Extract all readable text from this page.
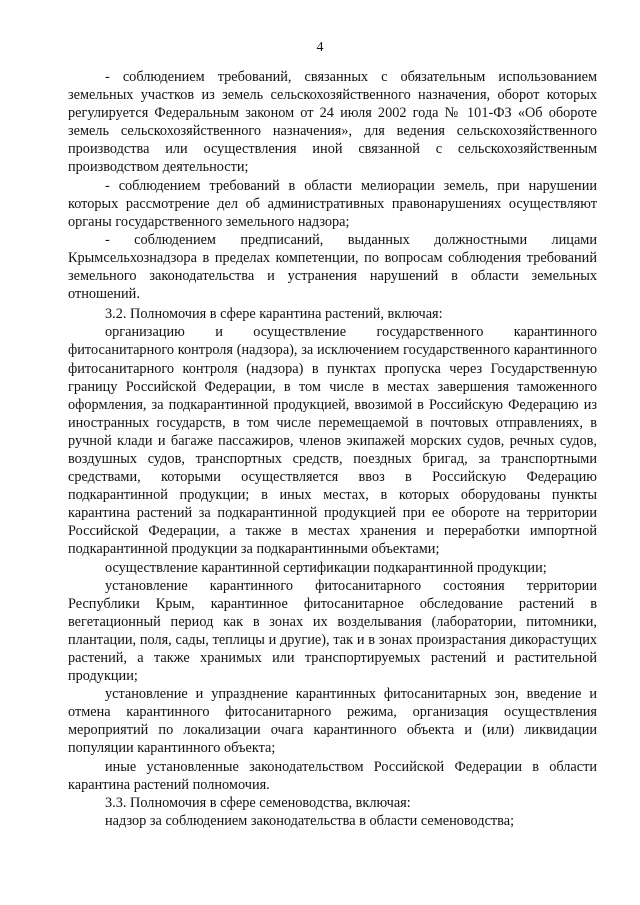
4

- соблюдением требований, связанных с обязательным использованием земельных участков из земель сельскохозяйственного назначения, оборот которых регулируется Федеральным законом от 24 июля 2002 года № 101-ФЗ «Об обороте земель сельскохозяйственного назначения», для ведения сельскохозяйственного производства или осуществления иной связанной с сельскохозяйственным производством деятельности;

- соблюдением требований в области мелиорации земель, при нарушении которых рассмотрение дел об административных правонарушениях осуществляют органы государственного земельного надзора;

- соблюдением предписаний, выданных должностными лицами Крымсельхознадзора в пределах компетенции, по вопросам соблюдения требований земельного законодательства и устранения нарушений в области земельных отношений.

3.2. Полномочия в сфере карантина растений, включая:

организацию и осуществление государственного карантинного фитосанитарного контроля (надзора), за исключением государственного карантинного фитосанитарного контроля (надзора) в пунктах пропуска через Государственную границу Российской Федерации, в том числе в местах завершения таможенного оформления, за подкарантинной продукцией, ввозимой в Российскую Федерацию из иностранных государств, в том числе перемещаемой в почтовых отправлениях, в ручной клади и багаже пассажиров, членов экипажей морских судов, речных судов, воздушных судов, транспортных средств, поездных бригад, за транспортными средствами, которыми осуществляется ввоз в Российскую Федерацию подкарантинной продукции; в иных местах, в которых оборудованы пункты карантина растений за подкарантинной продукцией при ее обороте на территории Российской Федерации, а также в местах хранения и переработки импортной подкарантинной продукции за подкарантинными объектами;

осуществление карантинной сертификации подкарантинной продукции;

установление карантинного фитосанитарного состояния территории Республики Крым, карантинное фитосанитарное обследование растений в вегетационный период как в зонах их возделывания (лаборатории, питомники, плантации, поля, сады, теплицы и другие), так и в зонах произрастания дикорастущих растений, а также хранимых или транспортируемых растений и растительной продукции;

установление и упразднение карантинных фитосанитарных зон, введение и отмена карантинного фитосанитарного режима, организация осуществления мероприятий по локализации очага карантинного объекта и (или) ликвидации популяции карантинного объекта;

иные установленные законодательством Российской Федерации в области карантина растений полномочия.

3.3. Полномочия в сфере семеноводства, включая:

надзор за соблюдением законодательства в области семеноводства;
